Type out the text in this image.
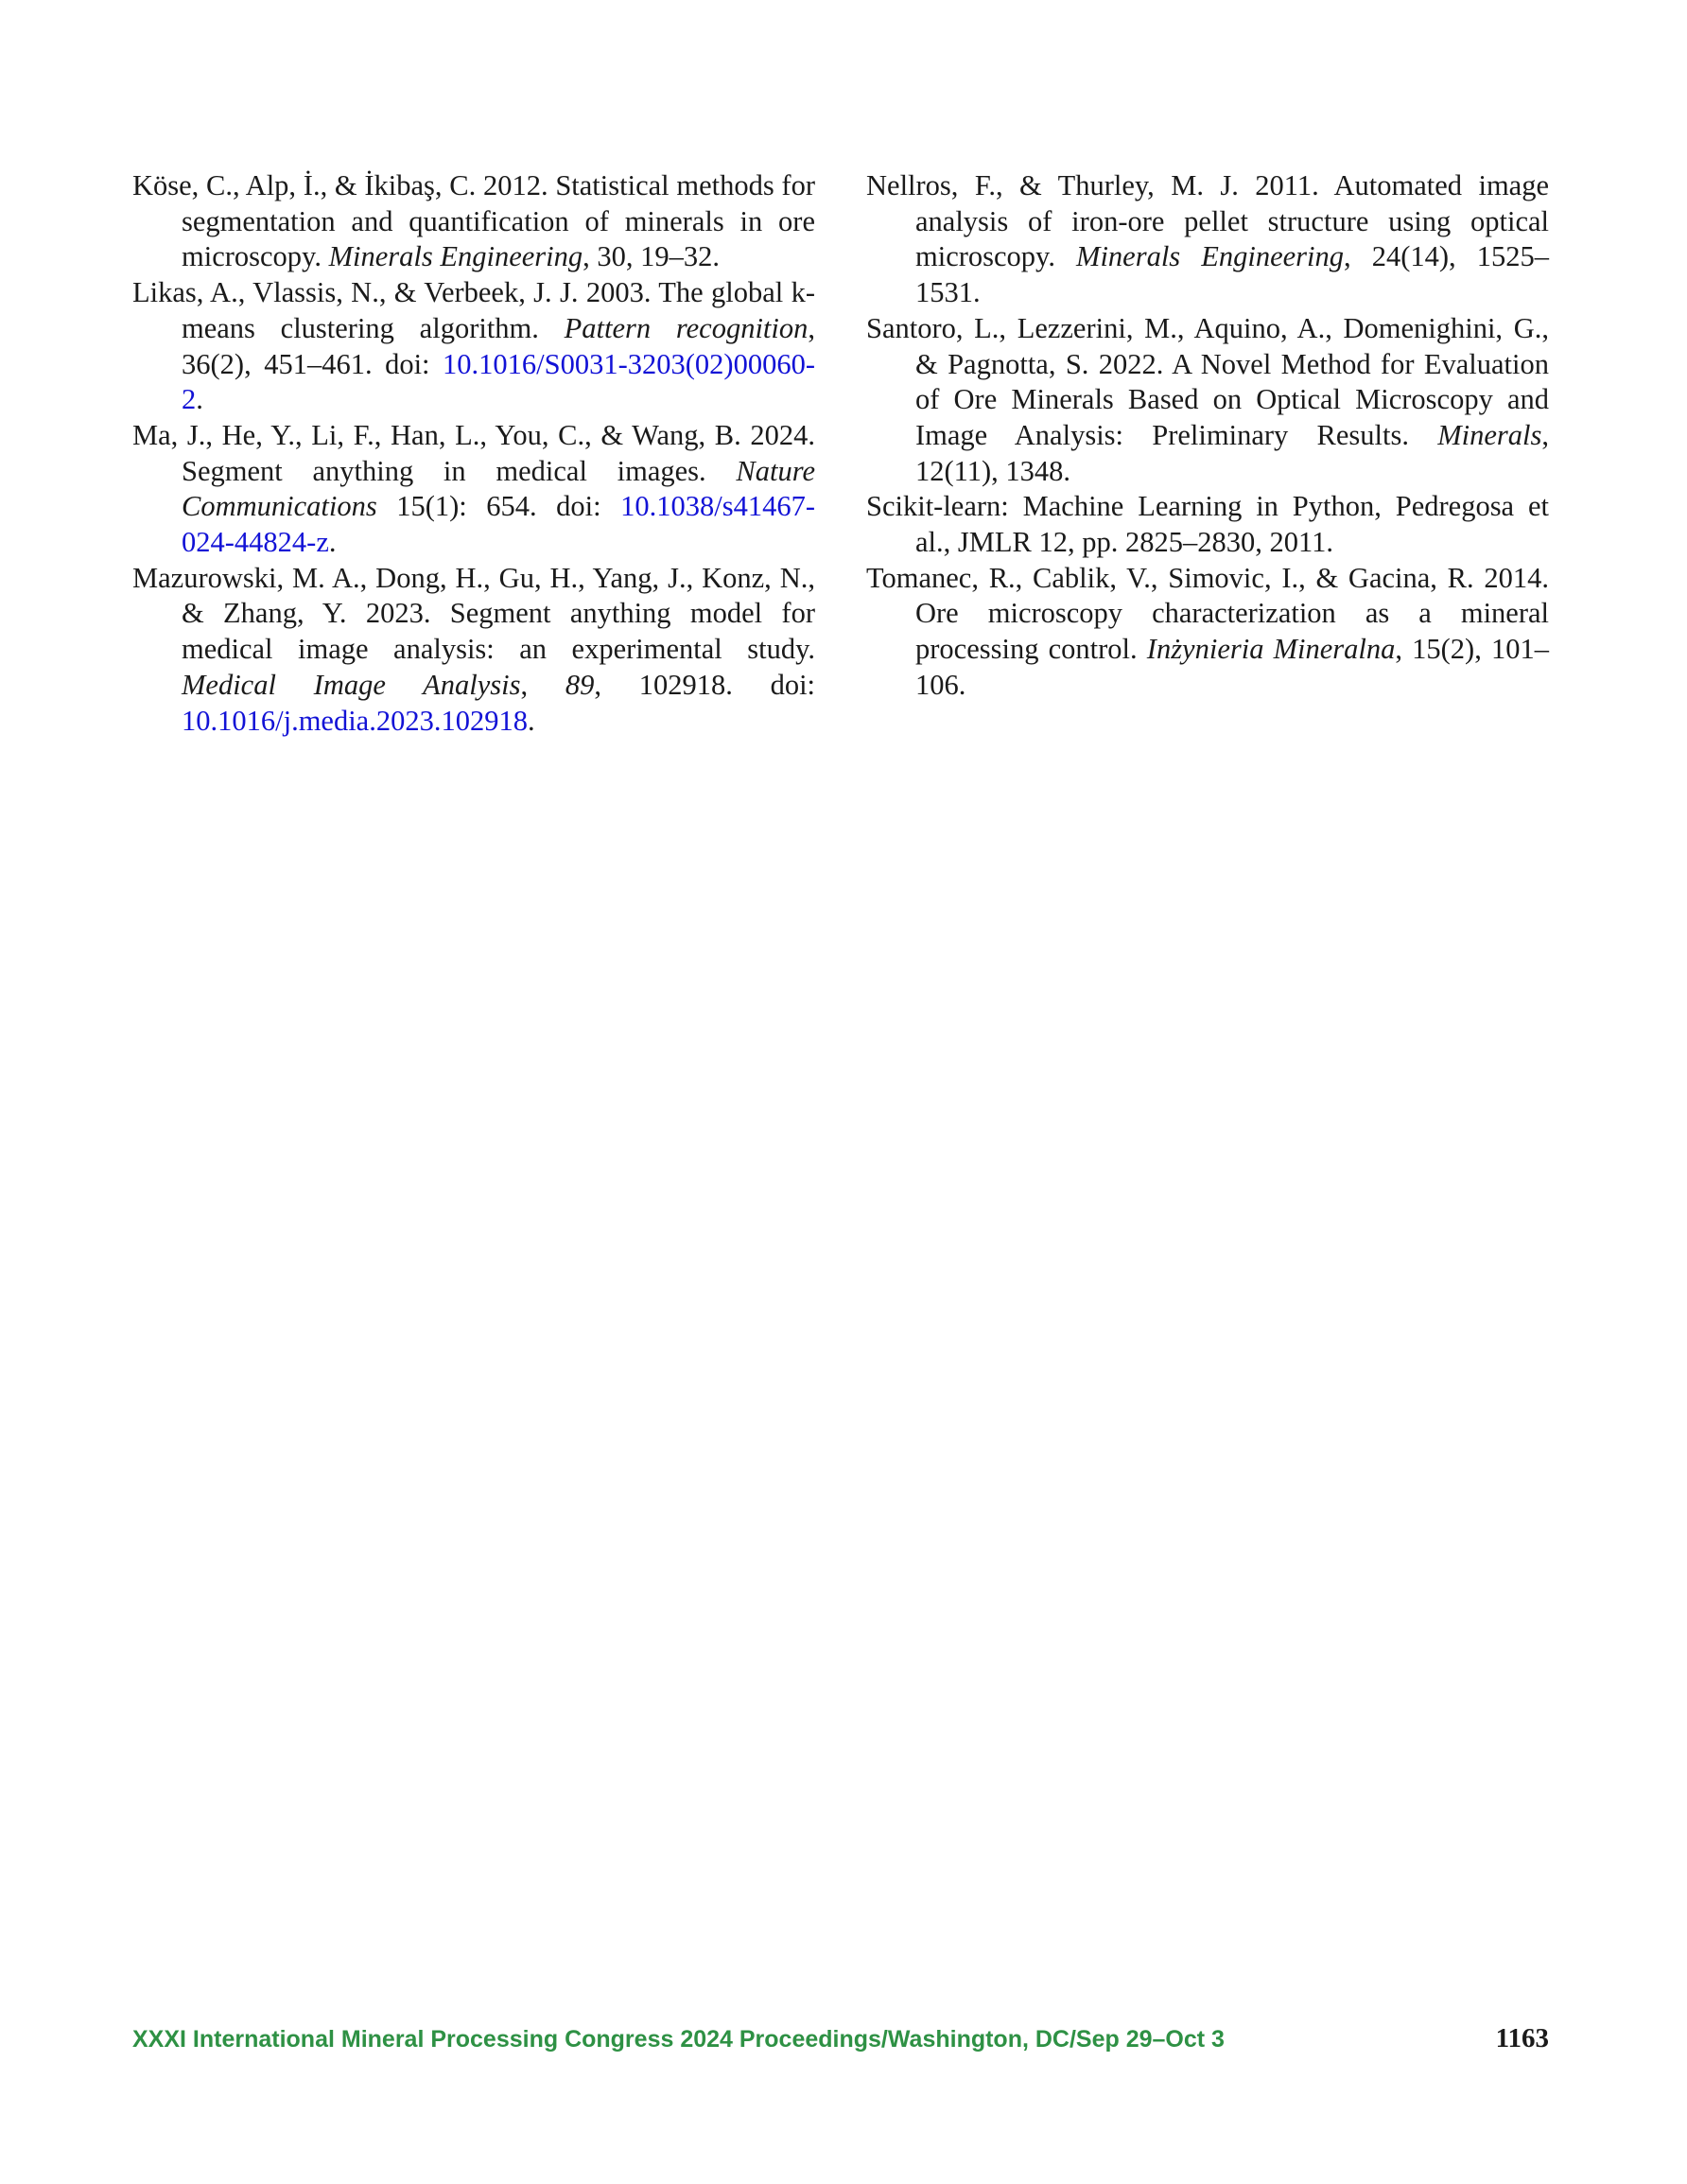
Köse, C., Alp, İ., & İkibaş, C. 2012. Statistical methods for segmentation and quantification of minerals in ore microscopy. Minerals Engineering, 30, 19–32.

Likas, A., Vlassis, N., & Verbeek, J. J. 2003. The global k-means clustering algorithm. Pattern recognition, 36(2), 451–461. doi: 10.1016/S0031-3203(02)00060-2.

Ma, J., He, Y., Li, F., Han, L., You, C., & Wang, B. 2024. Segment anything in medical images. Nature Communications 15(1): 654. doi: 10.1038/s41467-024-44824-z.

Mazurowski, M. A., Dong, H., Gu, H., Yang, J., Konz, N., & Zhang, Y. 2023. Segment anything model for medical image analysis: an experimental study. Medical Image Analysis, 89, 102918. doi: 10.1016/j.media.2023.102918.

Nellros, F., & Thurley, M. J. 2011. Automated image analysis of iron-ore pellet structure using optical microscopy. Minerals Engineering, 24(14), 1525–1531.

Santoro, L., Lezzerini, M., Aquino, A., Domenighini, G., & Pagnotta, S. 2022. A Novel Method for Evaluation of Ore Minerals Based on Optical Microscopy and Image Analysis: Preliminary Results. Minerals, 12(11), 1348.

Scikit-learn: Machine Learning in Python, Pedregosa et al., JMLR 12, pp. 2825–2830, 2011.

Tomanec, R., Cablik, V., Simovic, I., & Gacina, R. 2014. Ore microscopy characterization as a mineral processing control. Inżynieria Mineralna, 15(2), 101–106.

XXXI International Mineral Processing Congress 2024 Proceedings/Washington, DC/Sep 29–Oct 3	1163
